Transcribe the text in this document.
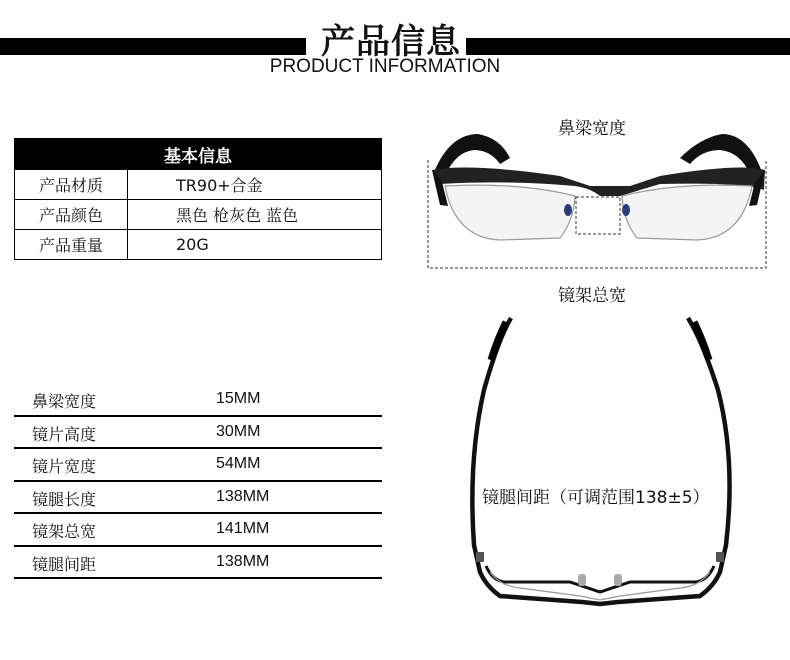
产品信息
PRODUCT INFORMATION
基本信息	
产品材质	TR90+合金
产品颜色	黑色 枪灰色 蓝色
产品重量	20G
鼻梁宽度	15MM
镜片高度	30MM
镜片宽度	54MM
镜腿长度	138MM
镜架总宽	141MM
镜腿间距	138MM
鼻梁宽度
镜架总宽
镜腿间距（可调范围138±5）
